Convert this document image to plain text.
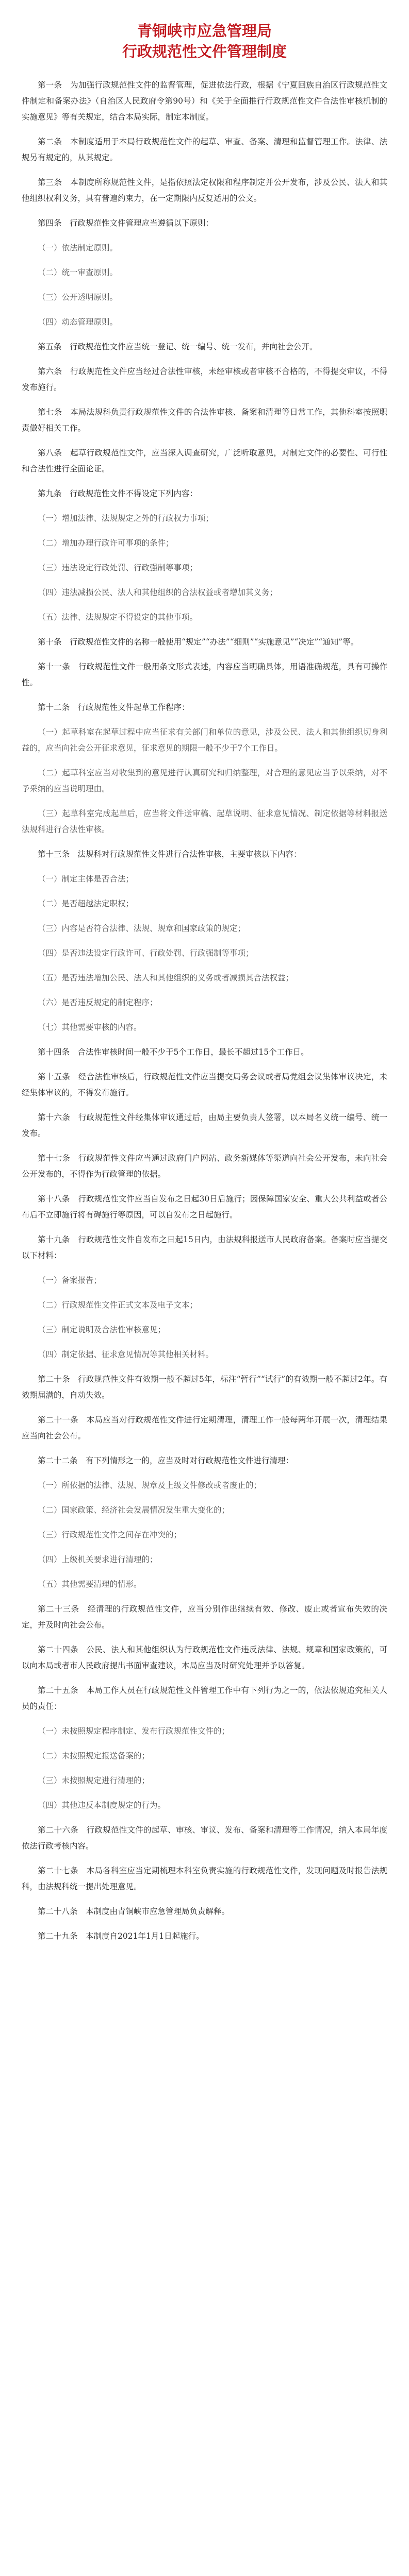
青铜峡市应急管理局
行政规范性文件管理制度

第一条　为加强行政规范性文件的监督管理，促进依法行政，根据《宁夏回族自治区行政规范性文件制定和备案办法》（自治区人民政府令第90号）和《关于全面推行行政规范性文件合法性审核机制的实施意见》等有关规定，结合本局实际，制定本制度。

第二条　本制度适用于本局行政规范性文件的起草、审查、备案、清理和监督管理工作。法律、法规另有规定的，从其规定。

第三条　本制度所称规范性文件，是指依照法定权限和程序制定并公开发布，涉及公民、法人和其他组织权利义务，具有普遍约束力，在一定期限内反复适用的公文。

第四条　行政规范性文件管理应当遵循以下原则：

（一）依法制定原则。

（二）统一审查原则。

（三）公开透明原则。

（四）动态管理原则。

第五条　行政规范性文件应当统一登记、统一编号、统一发布，并向社会公开。

第六条　行政规范性文件应当经过合法性审核，未经审核或者审核不合格的，不得提交审议，不得发布施行。

第七条　本局法规科负责行政规范性文件的合法性审核、备案和清理等日常工作，其他科室按照职责做好相关工作。

第八条　起草行政规范性文件，应当深入调查研究，广泛听取意见，对制定文件的必要性、可行性和合法性进行全面论证。

第九条　行政规范性文件不得设定下列内容：

（一）增加法律、法规规定之外的行政权力事项；

（二）增加办理行政许可事项的条件；

（三）违法设定行政处罚、行政强制等事项；

（四）违法减损公民、法人和其他组织的合法权益或者增加其义务；

（五）法律、法规规定不得设定的其他事项。

第十条　行政规范性文件的名称一般使用“规定”“办法”“细则”“实施意见”“决定”“通知”等。

第十一条　行政规范性文件一般用条文形式表述，内容应当明确具体，用语准确规范，具有可操作性。

第十二条　行政规范性文件起草工作程序：

（一）起草科室在起草过程中应当征求有关部门和单位的意见，涉及公民、法人和其他组织切身利益的，应当向社会公开征求意见，征求意见的期限一般不少于7个工作日。

（二）起草科室应当对收集到的意见进行认真研究和归纳整理，对合理的意见应当予以采纳，对不予采纳的应当说明理由。

（三）起草科室完成起草后，应当将文件送审稿、起草说明、征求意见情况、制定依据等材料报送法规科进行合法性审核。

第十三条　法规科对行政规范性文件进行合法性审核，主要审核以下内容：

（一）制定主体是否合法；

（二）是否超越法定职权；

（三）内容是否符合法律、法规、规章和国家政策的规定；

（四）是否违法设定行政许可、行政处罚、行政强制等事项；

（五）是否违法增加公民、法人和其他组织的义务或者减损其合法权益；

（六）是否违反规定的制定程序；

（七）其他需要审核的内容。

第十四条　合法性审核时间一般不少于5个工作日，最长不超过15个工作日。

第十五条　经合法性审核后，行政规范性文件应当提交局务会议或者局党组会议集体审议决定，未经集体审议的，不得发布施行。

第十六条　行政规范性文件经集体审议通过后，由局主要负责人签署，以本局名义统一编号、统一发布。

第十七条　行政规范性文件应当通过政府门户网站、政务新媒体等渠道向社会公开发布，未向社会公开发布的，不得作为行政管理的依据。

第十八条　行政规范性文件应当自发布之日起30日后施行；因保障国家安全、重大公共利益或者公布后不立即施行将有碍施行等原因，可以自发布之日起施行。

第十九条　行政规范性文件自发布之日起15日内，由法规科报送市人民政府备案。备案时应当提交以下材料：

（一）备案报告；

（二）行政规范性文件正式文本及电子文本；

（三）制定说明及合法性审核意见；

（四）制定依据、征求意见情况等其他相关材料。

第二十条　行政规范性文件有效期一般不超过5年，标注“暂行”“试行”的有效期一般不超过2年。有效期届满的，自动失效。

第二十一条　本局应当对行政规范性文件进行定期清理，清理工作一般每两年开展一次，清理结果应当向社会公布。

第二十二条　有下列情形之一的，应当及时对行政规范性文件进行清理：

（一）所依据的法律、法规、规章及上级文件修改或者废止的；

（二）国家政策、经济社会发展情况发生重大变化的；

（三）行政规范性文件之间存在冲突的；

（四）上级机关要求进行清理的；

（五）其他需要清理的情形。

第二十三条　经清理的行政规范性文件，应当分别作出继续有效、修改、废止或者宣布失效的决定，并及时向社会公布。

第二十四条　公民、法人和其他组织认为行政规范性文件违反法律、法规、规章和国家政策的，可以向本局或者市人民政府提出书面审查建议，本局应当及时研究处理并予以答复。

第二十五条　本局工作人员在行政规范性文件管理工作中有下列行为之一的，依法依规追究相关人员的责任：

（一）未按照规定程序制定、发布行政规范性文件的；

（二）未按照规定报送备案的；

（三）未按照规定进行清理的；

（四）其他违反本制度规定的行为。

第二十六条　行政规范性文件的起草、审核、审议、发布、备案和清理等工作情况，纳入本局年度依法行政考核内容。

第二十七条　本局各科室应当定期梳理本科室负责实施的行政规范性文件，发现问题及时报告法规科，由法规科统一提出处理意见。

第二十八条　本制度由青铜峡市应急管理局负责解释。

第二十九条　本制度自2021年1月1日起施行。
